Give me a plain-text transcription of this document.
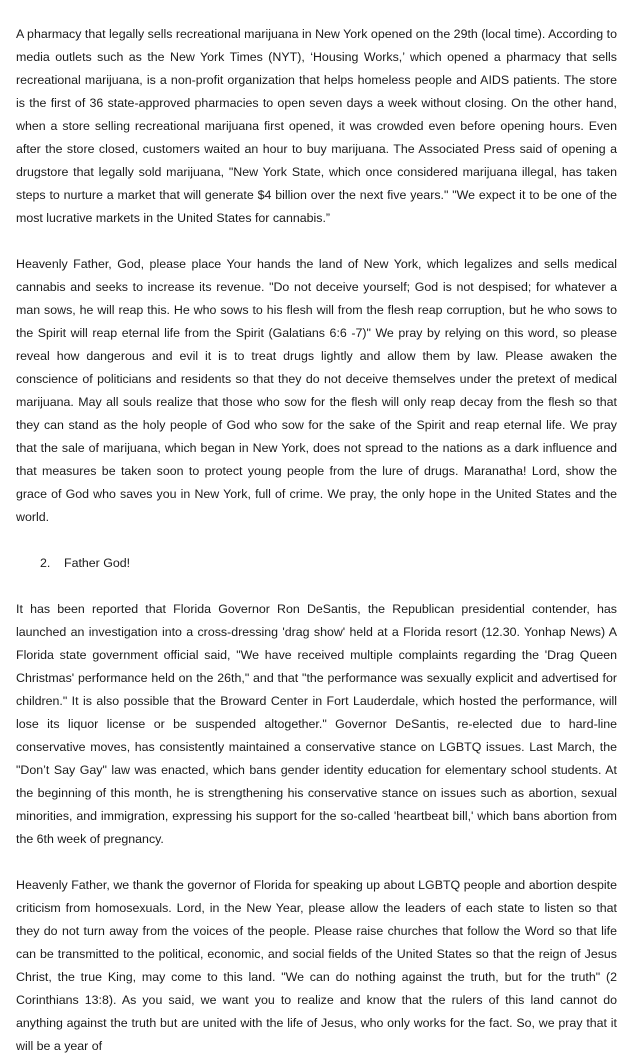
A pharmacy that legally sells recreational marijuana in New York opened on the 29th (local time). According to media outlets such as the New York Times (NYT), ‘Housing Works,’ which opened a pharmacy that sells recreational marijuana, is a non-profit organization that helps homeless people and AIDS patients. The store is the first of 36 state-approved pharmacies to open seven days a week without closing. On the other hand, when a store selling recreational marijuana first opened, it was crowded even before opening hours. Even after the store closed, customers waited an hour to buy marijuana. The Associated Press said of opening a drugstore that legally sold marijuana, "New York State, which once considered marijuana illegal, has taken steps to nurture a market that will generate $4 billion over the next five years." "We expect it to be one of the most lucrative markets in the United States for cannabis.”

Heavenly Father, God, please place Your hands the land of New York, which legalizes and sells medical cannabis and seeks to increase its revenue. "Do not deceive yourself; God is not despised; for whatever a man sows, he will reap this. He who sows to his flesh will from the flesh reap corruption, but he who sows to the Spirit will reap eternal life from the Spirit (Galatians 6:6 -7)" We pray by relying on this word, so please reveal how dangerous and evil it is to treat drugs lightly and allow them by law. Please awaken the conscience of politicians and residents so that they do not deceive themselves under the pretext of medical marijuana. May all souls realize that those who sow for the flesh will only reap decay from the flesh so that they can stand as the holy people of God who sow for the sake of the Spirit and reap eternal life. We pray that the sale of marijuana, which began in New York, does not spread to the nations as a dark influence and that measures be taken soon to protect young people from the lure of drugs. Maranatha! Lord, show the grace of God who saves you in New York, full of crime. We pray, the only hope in the United States and the world.

2.	Father God!

It has been reported that Florida Governor Ron DeSantis, the Republican presidential contender, has launched an investigation into a cross-dressing 'drag show' held at a Florida resort (12.30. Yonhap News) A Florida state government official said, "We have received multiple complaints regarding the 'Drag Queen Christmas' performance held on the 26th," and that "the performance was sexually explicit and advertised for children." It is also possible that the Broward Center in Fort Lauderdale, which hosted the performance, will lose its liquor license or be suspended altogether." Governor DeSantis, re-elected due to hard-line conservative moves, has consistently maintained a conservative stance on LGBTQ issues. Last March, the "Don’t Say Gay" law was enacted, which bans gender identity education for elementary school students. At the beginning of this month, he is strengthening his conservative stance on issues such as abortion, sexual minorities, and immigration, expressing his support for the so-called 'heartbeat bill,' which bans abortion from the 6th week of pregnancy.

Heavenly Father, we thank the governor of Florida for speaking up about LGBTQ people and abortion despite criticism from homosexuals. Lord, in the New Year, please allow the leaders of each state to listen so that they do not turn away from the voices of the people. Please raise churches that follow the Word so that life can be transmitted to the political, economic, and social fields of the United States so that the reign of Jesus Christ, the true King, may come to this land. "We can do nothing against the truth, but for the truth" (2 Corinthians 13:8). As you said, we want you to realize and know that the rulers of this land cannot do anything against the truth but are united with the life of Jesus, who only works for the fact. So, we pray that it will be a year of
